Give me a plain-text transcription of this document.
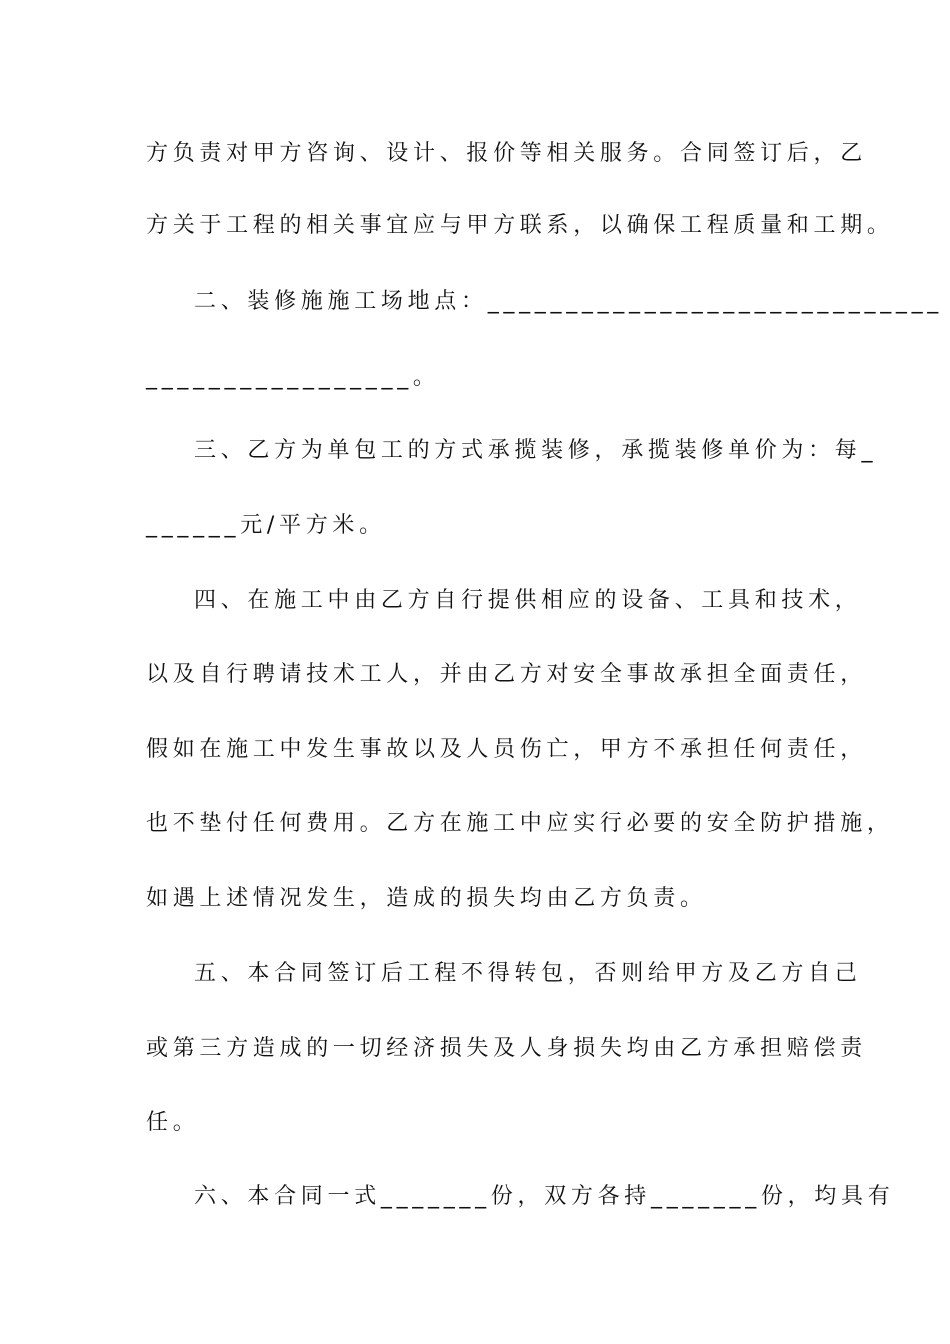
方负责对甲方咨询、设计、报价等相关服务。合同签订后，乙
方关于工程的相关事宜应与甲方联系，以确保工程质量和工期。
二、装修施施工场地点：_____________________________
_________________。
三、乙方为单包工的方式承揽装修，承揽装修单价为：每_
______元/平方米。
四、在施工中由乙方自行提供相应的设备、工具和技术，
以及自行聘请技术工人，并由乙方对安全事故承担全面责任，
假如在施工中发生事故以及人员伤亡，甲方不承担任何责任，
也不垫付任何费用。乙方在施工中应实行必要的安全防护措施，
如遇上述情况发生，造成的损失均由乙方负责。
五、本合同签订后工程不得转包，否则给甲方及乙方自己
或第三方造成的一切经济损失及人身损失均由乙方承担赔偿责
任。
六、本合同一式_______份，双方各持_______份，均具有
